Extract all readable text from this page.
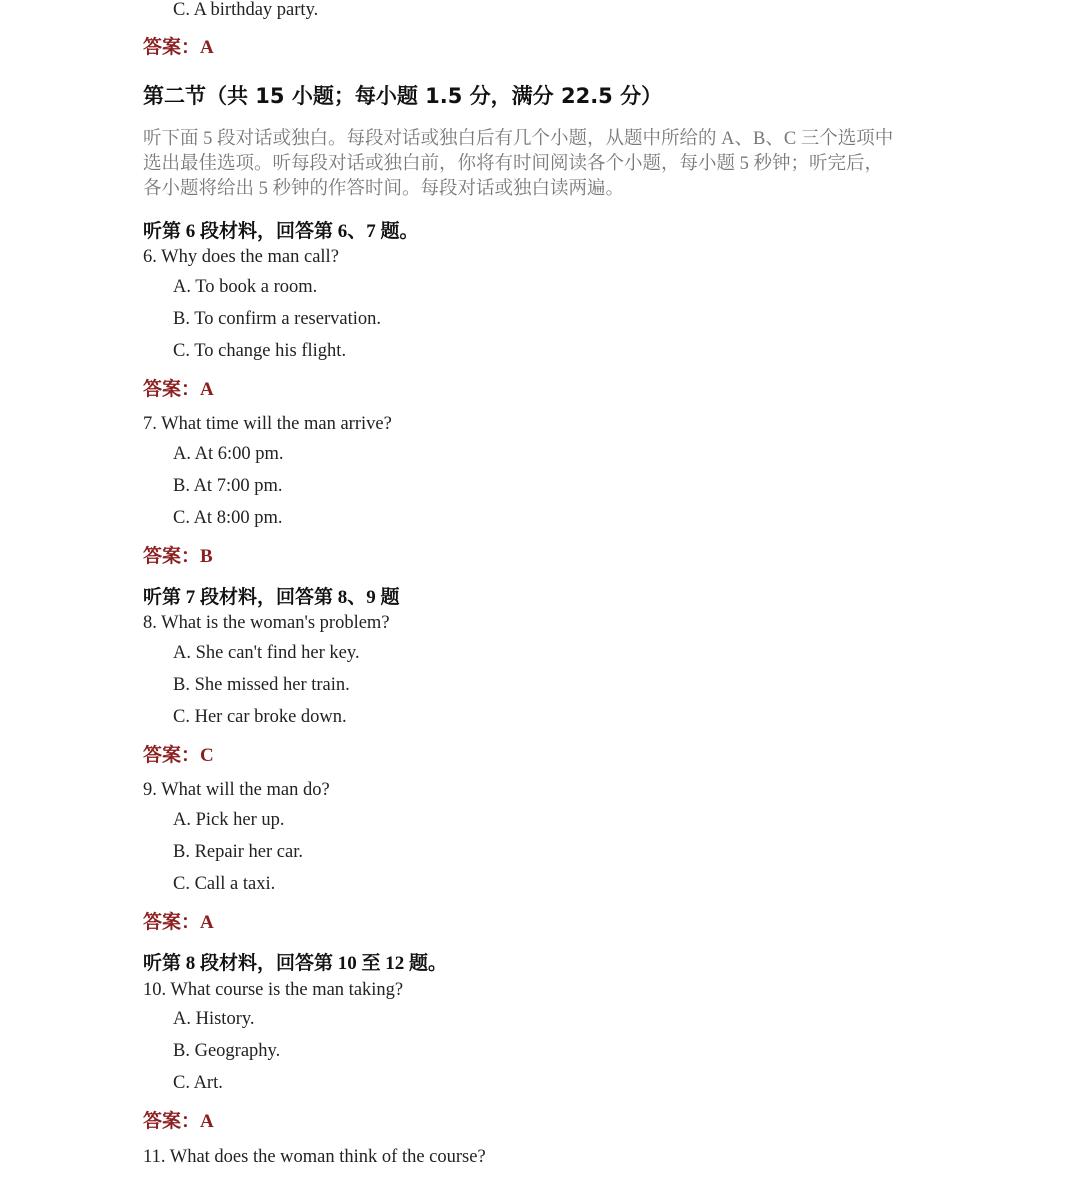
C. A birthday party.
答案：A
第二节（共 15 小题；每小题 1.5 分，满分 22.5 分）
听下面 5 段对话或独白。每段对话或独白后有几个小题，从题中所给的 A、B、C 三个选项中
选出最佳选项。听每段对话或独白前，你将有时间阅读各个小题，每小题 5 秒钟；听完后，
各小题将给出 5 秒钟的作答时间。每段对话或独白读两遍。
听第 6 段材料，回答第 6、7 题。
6. Why does the man call?
A. To book a room.
B. To confirm a reservation.
C. To change his flight.
答案：A
7. What time will the man arrive?
A. At 6:00 pm.
B. At 7:00 pm.
C. At 8:00 pm.
答案：B
听第 7 段材料，回答第 8、9 题
8. What is the woman's problem?
A. She can't find her key.
B. She missed her train.
C. Her car broke down.
答案：C
9. What will the man do?
A. Pick her up.
B. Repair her car.
C. Call a taxi.
答案：A
听第 8 段材料，回答第 10 至 12 题。
10. What course is the man taking?
A. History.
B. Geography.
C. Art.
答案：A
11. What does the woman think of the course?
